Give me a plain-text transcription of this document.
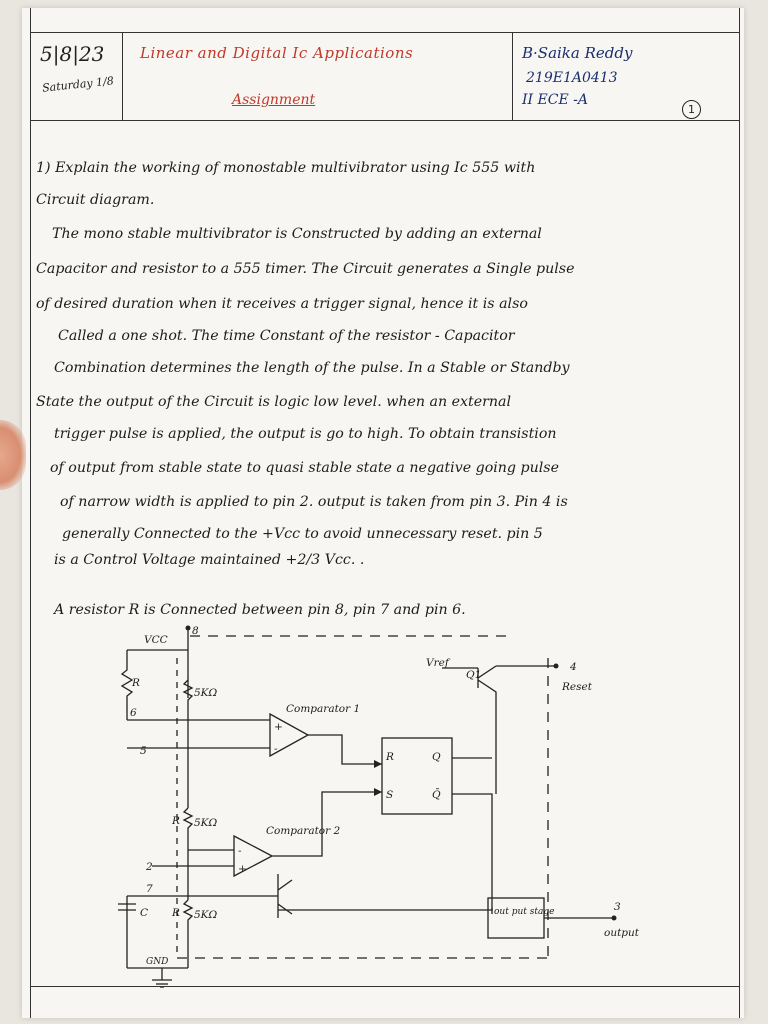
5|8|23
Saturday 1/8
Linear and Digital Ic Applications
Assignment
B·Saika Reddy
219E1A0413
II ECE -A
1
1) Explain the working of monostable multivibrator using Ic 555 with
Circuit diagram.
The mono stable multivibrator is Constructed by adding an external
Capacitor and resistor to a 555 timer. The Circuit generates a Single pulse
of desired duration when it receives a trigger signal, hence it is also
Called a one shot. The time Constant of the resistor - Capacitor
Combination determines the length of the pulse. In a Stable or Standby
State the output of the Circuit is logic low level. when an external
trigger pulse is applied, the output is go to high. To obtain transistion
of output from stable state to quasi stable state a negative going pulse
of narrow width is applied to pin 2. output is taken from pin 3. Pin 4 is
generally Connected to the +Vcc to avoid unnecessary reset. pin 5
is a Control Voltage maintained +2/3 Vcc. .
A resistor R is Connected between pin 8, pin 7 and pin 6.
VCC
8
R
5KΩ
R 5KΩ
R 5KΩ
6
5
2
7
C
Comparator 1
Comparator 2
+
-
-
+
R
S
Q
Q̄
Vref
Q1
4
Reset
out put stage	3
output
GND
